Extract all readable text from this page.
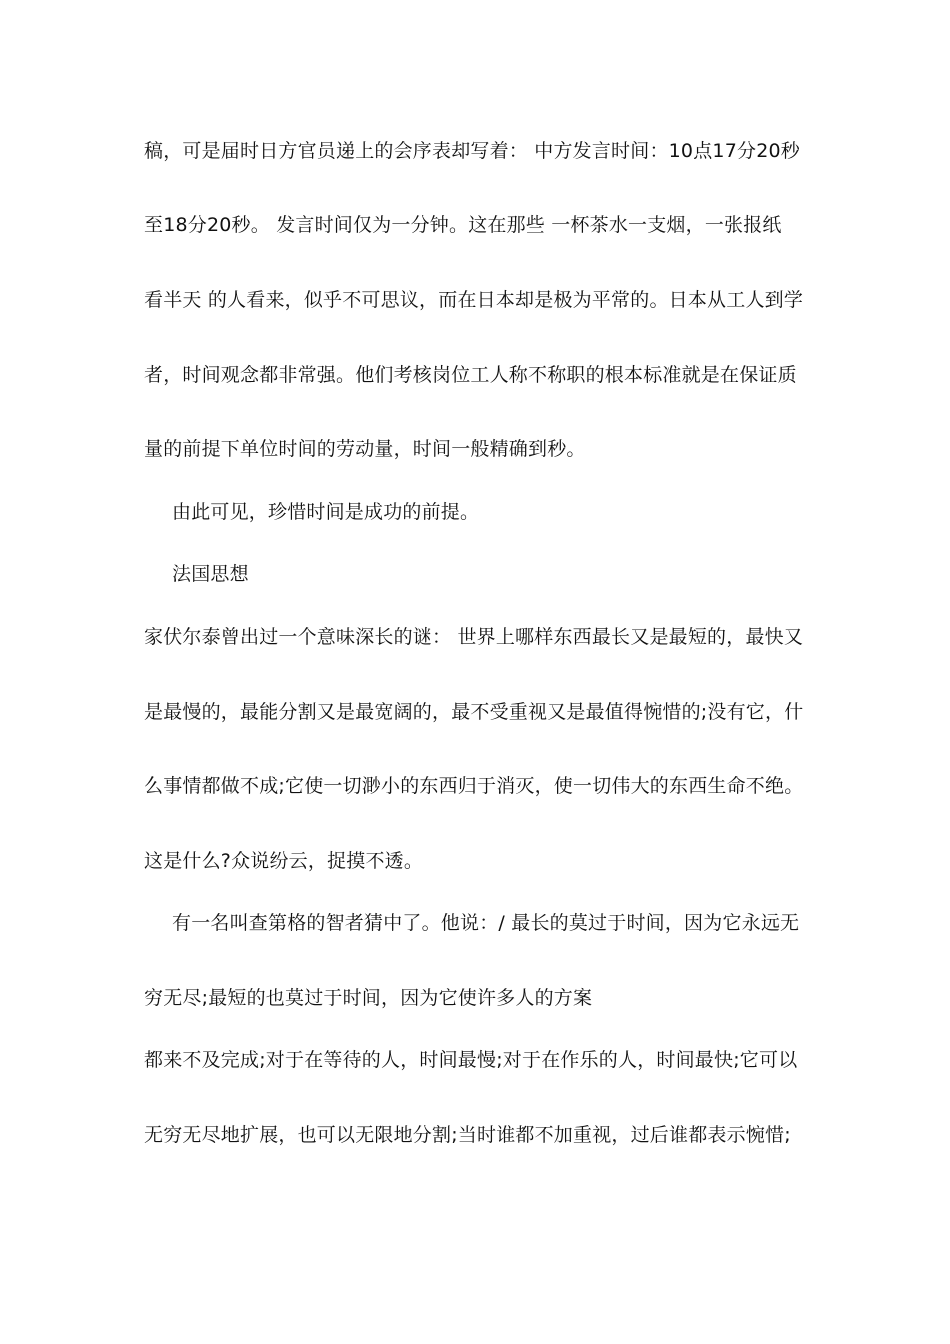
稿，可是届时日方官员递上的会序表却写着： 中方发言时间：10点17分20秒
至18分20秒。 发言时间仅为一分钟。这在那些 一杯茶水一支烟，一张报纸
看半天 的人看来，似乎不可思议，而在日本却是极为平常的。日本从工人到学
者，时间观念都非常强。他们考核岗位工人称不称职的根本标准就是在保证质
量的前提下单位时间的劳动量，时间一般精确到秒。
由此可见，珍惜时间是成功的前提。
法国思想
家伏尔泰曾出过一个意味深长的谜： 世界上哪样东西最长又是最短的，最快又
是最慢的，最能分割又是最宽阔的，最不受重视又是最值得惋惜的;没有它，什
么事情都做不成;它使一切渺小的东西归于消灭，使一切伟大的东西生命不绝。
这是什么?众说纷云，捉摸不透。
有一名叫查第格的智者猜中了。他说：/ 最长的莫过于时间，因为它永远无
穷无尽;最短的也莫过于时间，因为它使许多人的方案
都来不及完成;对于在等待的人，时间最慢;对于在作乐的人，时间最快;它可以
无穷无尽地扩展，也可以无限地分割;当时谁都不加重视，过后谁都表示惋惜;
